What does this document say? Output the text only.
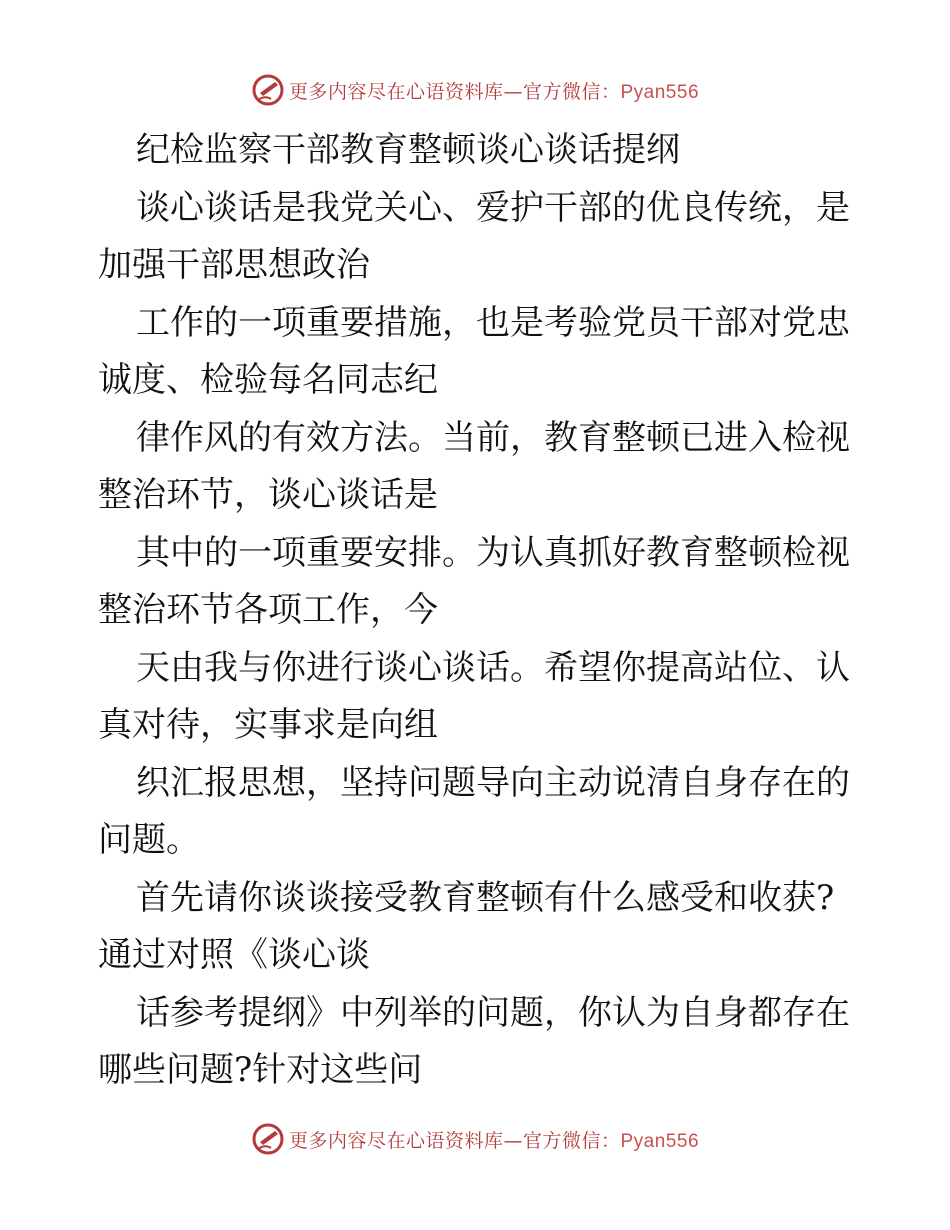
更多内容尽在心语资料库—官方微信：Pyan556
纪检监察干部教育整顿谈心谈话提纲
谈心谈话是我党关心、爱护干部的优良传统，是
加强干部思想政治
工作的一项重要措施，也是考验党员干部对党忠
诚度、检验每名同志纪
律作风的有效方法。当前，教育整顿已进入检视
整治环节，谈心谈话是
其中的一项重要安排。为认真抓好教育整顿检视
整治环节各项工作，今
天由我与你进行谈心谈话。希望你提高站位、认
真对待，实事求是向组
织汇报思想，坚持问题导向主动说清自身存在的
问题。
首先请你谈谈接受教育整顿有什么感受和收获?
通过对照《谈心谈
话参考提纲》中列举的问题，你认为自身都存在
哪些问题?针对这些问
更多内容尽在心语资料库—官方微信：Pyan556
